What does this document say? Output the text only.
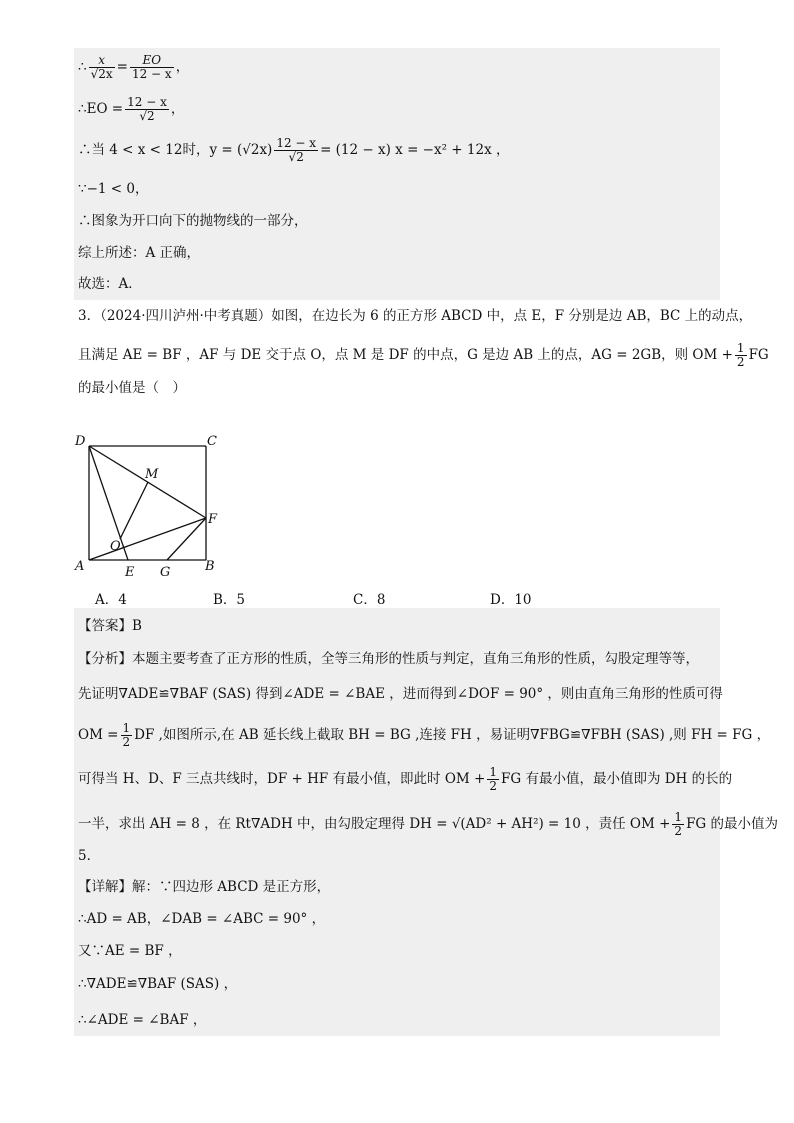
∴ $\frac{x}{√2x} = \frac{EO}{12 - x}$ ，
∴EO = $\frac{12 - x}{√2}$ ，
∴当 4 < x < 12时，$y = (√2x) \frac{12 - x}{√2} = (12 - x) x = -x^2 + 12x$ ，
∵−1 < 0，
∴图象为开口向下的抛物线的一部分，
综上所述：A 正确，
故选：A．
3．（2024·四川泸州·中考真题）如图，在边长为 6 的正方形 ABCD 中，点 E，F 分别是边 AB，BC 上的动点，
且满足 AE = BF ，AF 与 DE 交于点 O，点 M 是 DF 的中点，G 是边 AB 上的点，AG = 2GB，则 OM + $\frac{1}{2}$ FG
的最小值是（　）
D	C
A	B
M
F
O
E G
A．4	B．5	C．8	D．10
【答案】B
【分析】本题主要考查了正方形的性质，全等三角形的性质与判定，直角三角形的性质，勾股定理等等，
先证明∇ADE≌∇BAF (SAS) 得到∠ADE = ∠BAE ，进而得到∠DOF = 90° ，则由直角三角形的性质可得
OM = $\frac{1}{2}$ DF ,如图所示,在 AB 延长线上截取 BH = BG ,连接 FH ，易证明∇FBG≌∇FBH (SAS) ,则 FH = FG ，
可得当 H、D、F 三点共线时，DF + HF 有最小值，即此时 OM + $\frac{1}{2}$ FG 有最小值，最小值即为 DH 的长的
一半，求出 AH = 8 ，在 Rt∇ADH 中，由勾股定理得 DH = √(AD² + AH²) = 10 ，责任 OM + $\frac{1}{2}$ FG 的最小值为
5．
【详解】解：∵四边形 ABCD 是正方形，
∴AD = AB，∠DAB = ∠ABC = 90° ，
又∵AE = BF ，
∴∇ADE≌∇BAF (SAS) ，
∴∠ADE = ∠BAF ，
